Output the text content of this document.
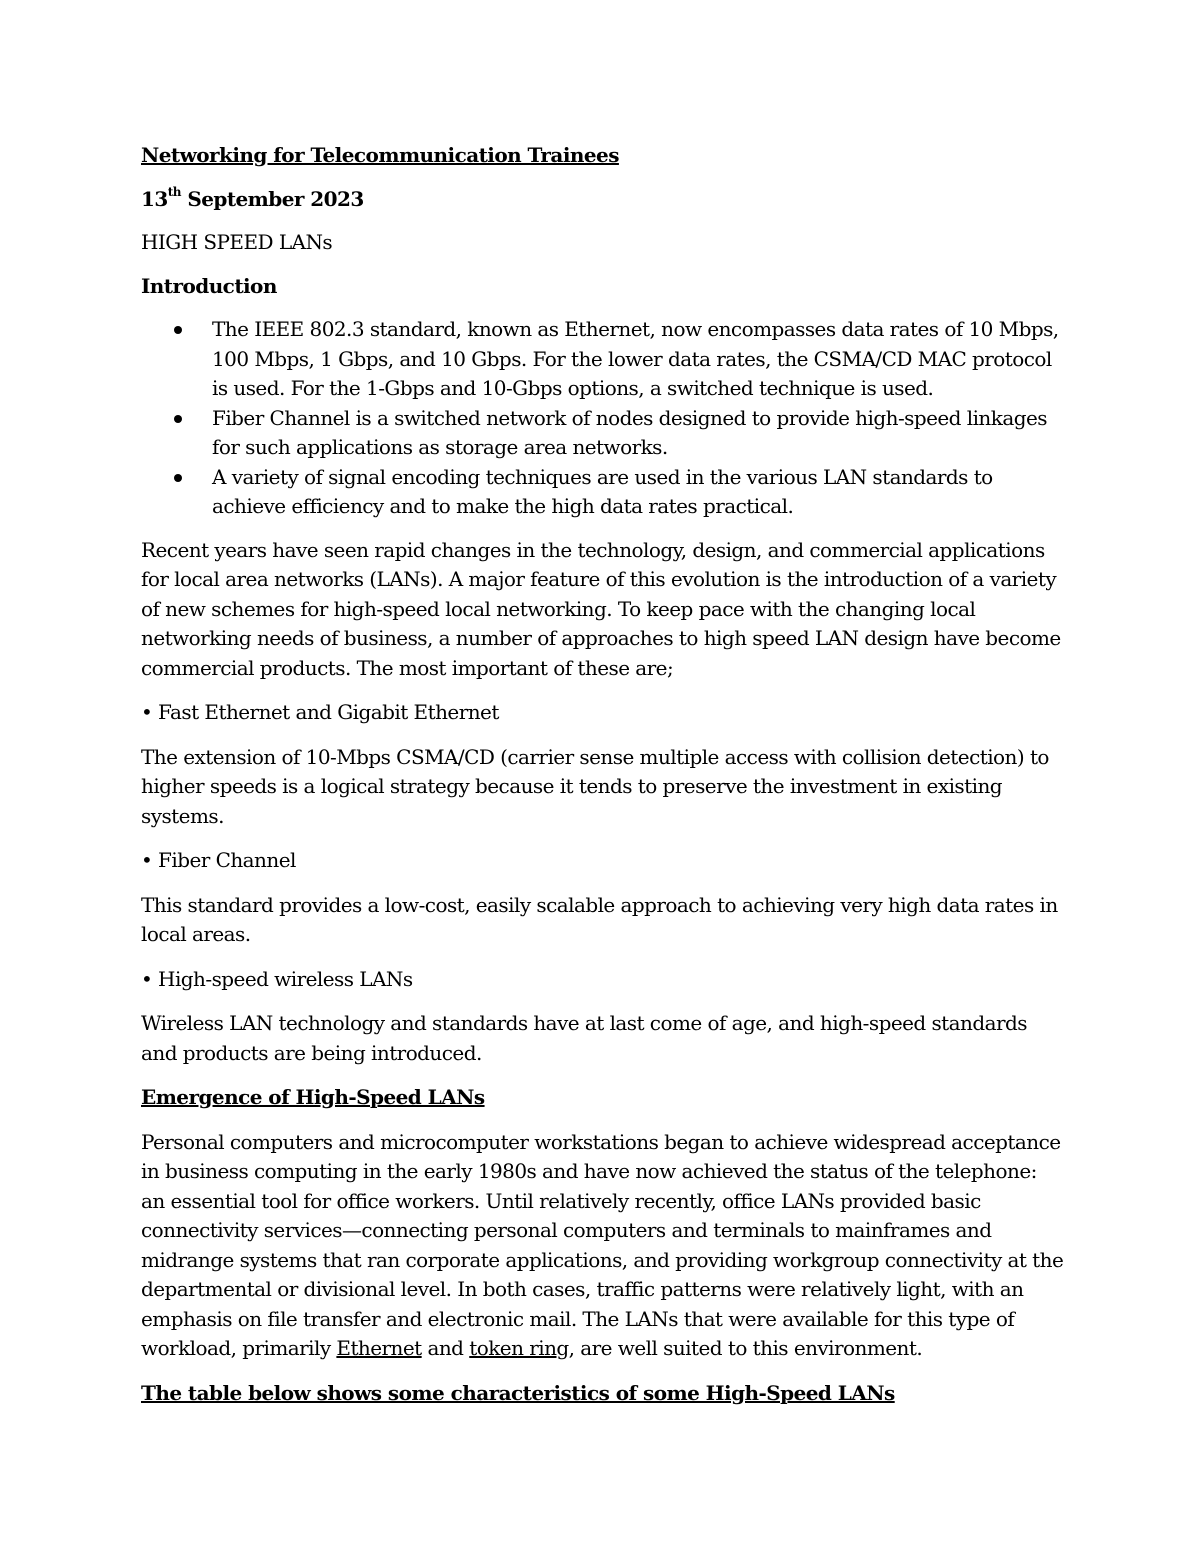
Networking for Telecommunication Trainees

13th September 2023

HIGH SPEED LANs

Introduction

The IEEE 802.3 standard, known as Ethernet, now encompasses data rates of 10 Mbps, 100 Mbps, 1 Gbps, and 10 Gbps. For the lower data rates, the CSMA/CD MAC protocol is used. For the 1-Gbps and 10-Gbps options, a switched technique is used.
Fiber Channel is a switched network of nodes designed to provide high-speed linkages for such applications as storage area networks.
A variety of signal encoding techniques are used in the various LAN standards to achieve efficiency and to make the high data rates practical.

Recent years have seen rapid changes in the technology, design, and commercial applications for local area networks (LANs). A major feature of this evolution is the introduction of a variety of new schemes for high-speed local networking. To keep pace with the changing local networking needs of business, a number of approaches to high speed LAN design have become commercial products. The most important of these are;

• Fast Ethernet and Gigabit Ethernet

The extension of 10-Mbps CSMA/CD (carrier sense multiple access with collision detection) to higher speeds is a logical strategy because it tends to preserve the investment in existing systems.

• Fiber Channel

This standard provides a low-cost, easily scalable approach to achieving very high data rates in local areas.

• High-speed wireless LANs

Wireless LAN technology and standards have at last come of age, and high-speed standards and products are being introduced.

Emergence of High-Speed LANs

Personal computers and microcomputer workstations began to achieve widespread acceptance in business computing in the early 1980s and have now achieved the status of the telephone: an essential tool for office workers. Until relatively recently, office LANs provided basic connectivity services—connecting personal computers and terminals to mainframes and midrange systems that ran corporate applications, and providing workgroup connectivity at the departmental or divisional level. In both cases, traffic patterns were relatively light, with an emphasis on file transfer and electronic mail. The LANs that were available for this type of workload, primarily Ethernet and token ring, are well suited to this environment.

The table below shows some characteristics of some High-Speed LANs
